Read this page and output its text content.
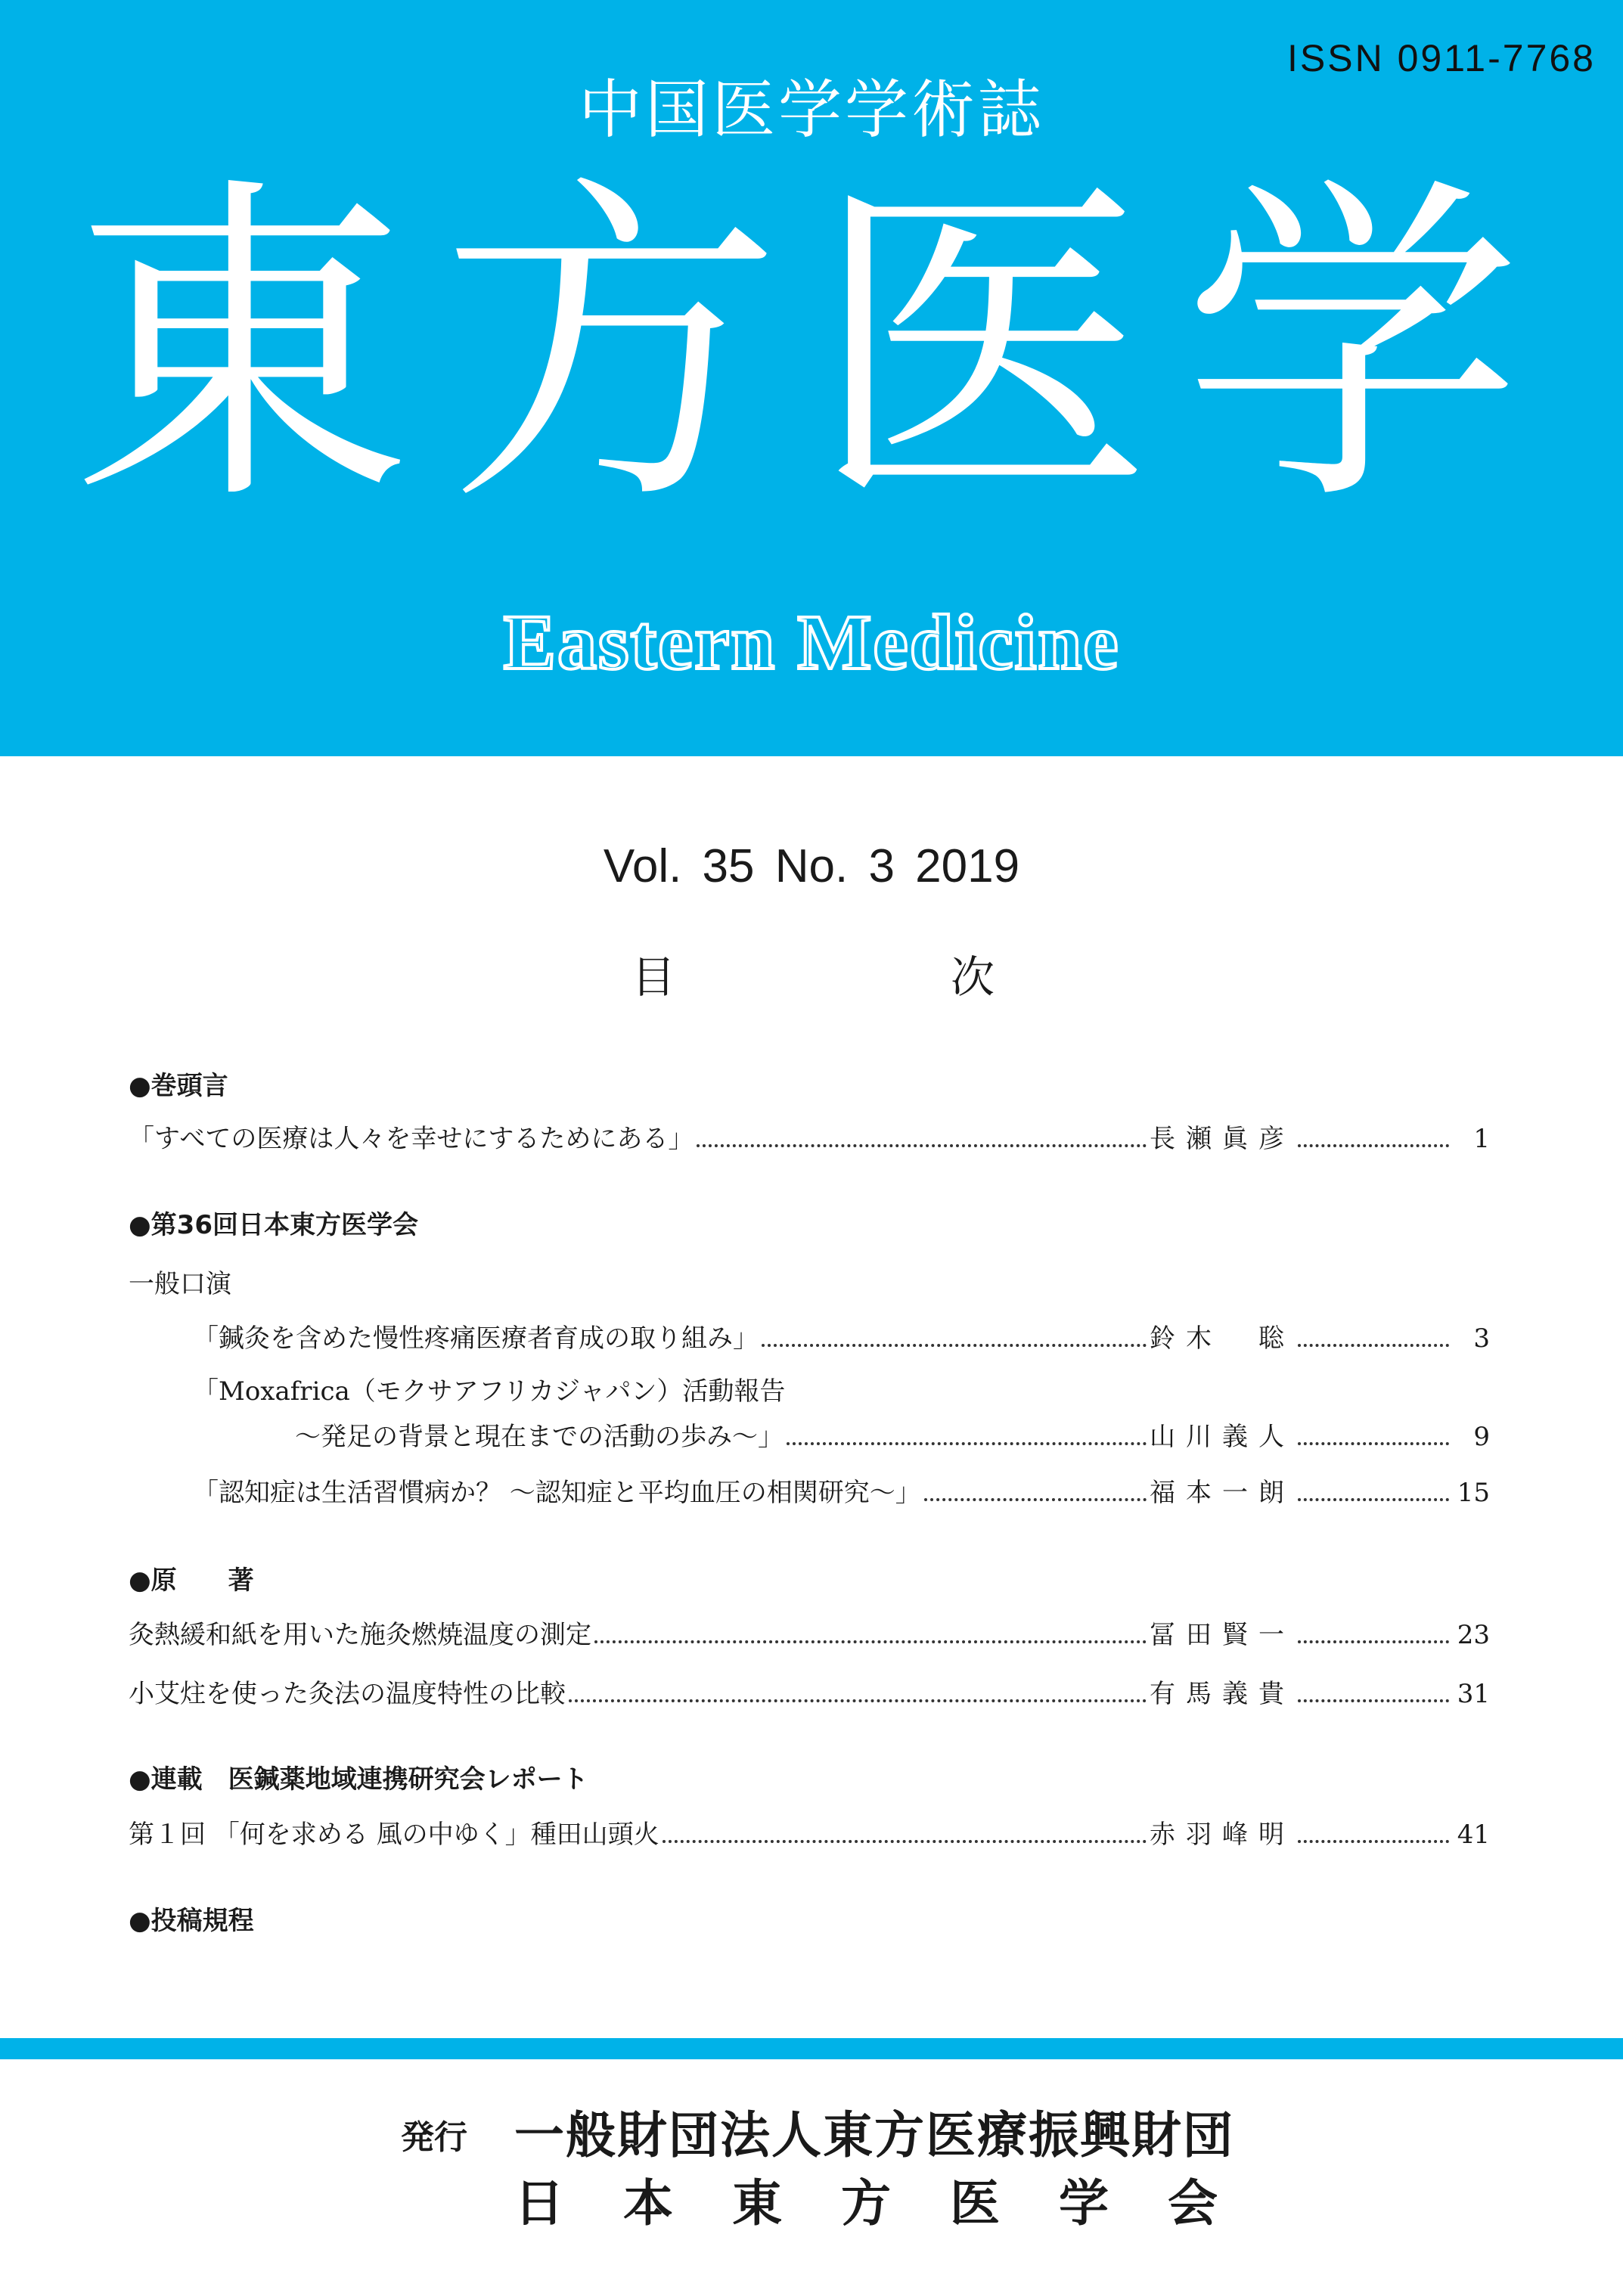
ISSN 0911-7768
中国医学学術誌
東方医学
Eastern Medicine
Vol. 35 No. 3 2019
目	次
●巻頭言
「すべての医療は人々を幸せにするためにある」	長瀬眞彦	1
●第36回日本東方医学会
一般口演
「鍼灸を含めた慢性疼痛医療者育成の取り組み」	鈴木　聡	3
「Moxafrica（モクサアフリカジャパン）活動報告
～発足の背景と現在までの活動の歩み～」	山川義人	9
「認知症は生活習慣病か？ ～認知症と平均血圧の相関研究～」	福本一朗	15
●原　　著
灸熱緩和紙を用いた施灸燃焼温度の測定	冨田賢一	23
小艾炷を使った灸法の温度特性の比較	有馬義貴	31
●連載　医鍼薬地域連携研究会レポート
第１回 「何を求める 風の中ゆく」種田山頭火	赤羽峰明	41
●投稿規程
発行 一般財団法人東方医療振興財団
日 本 東 方 医 学 会
